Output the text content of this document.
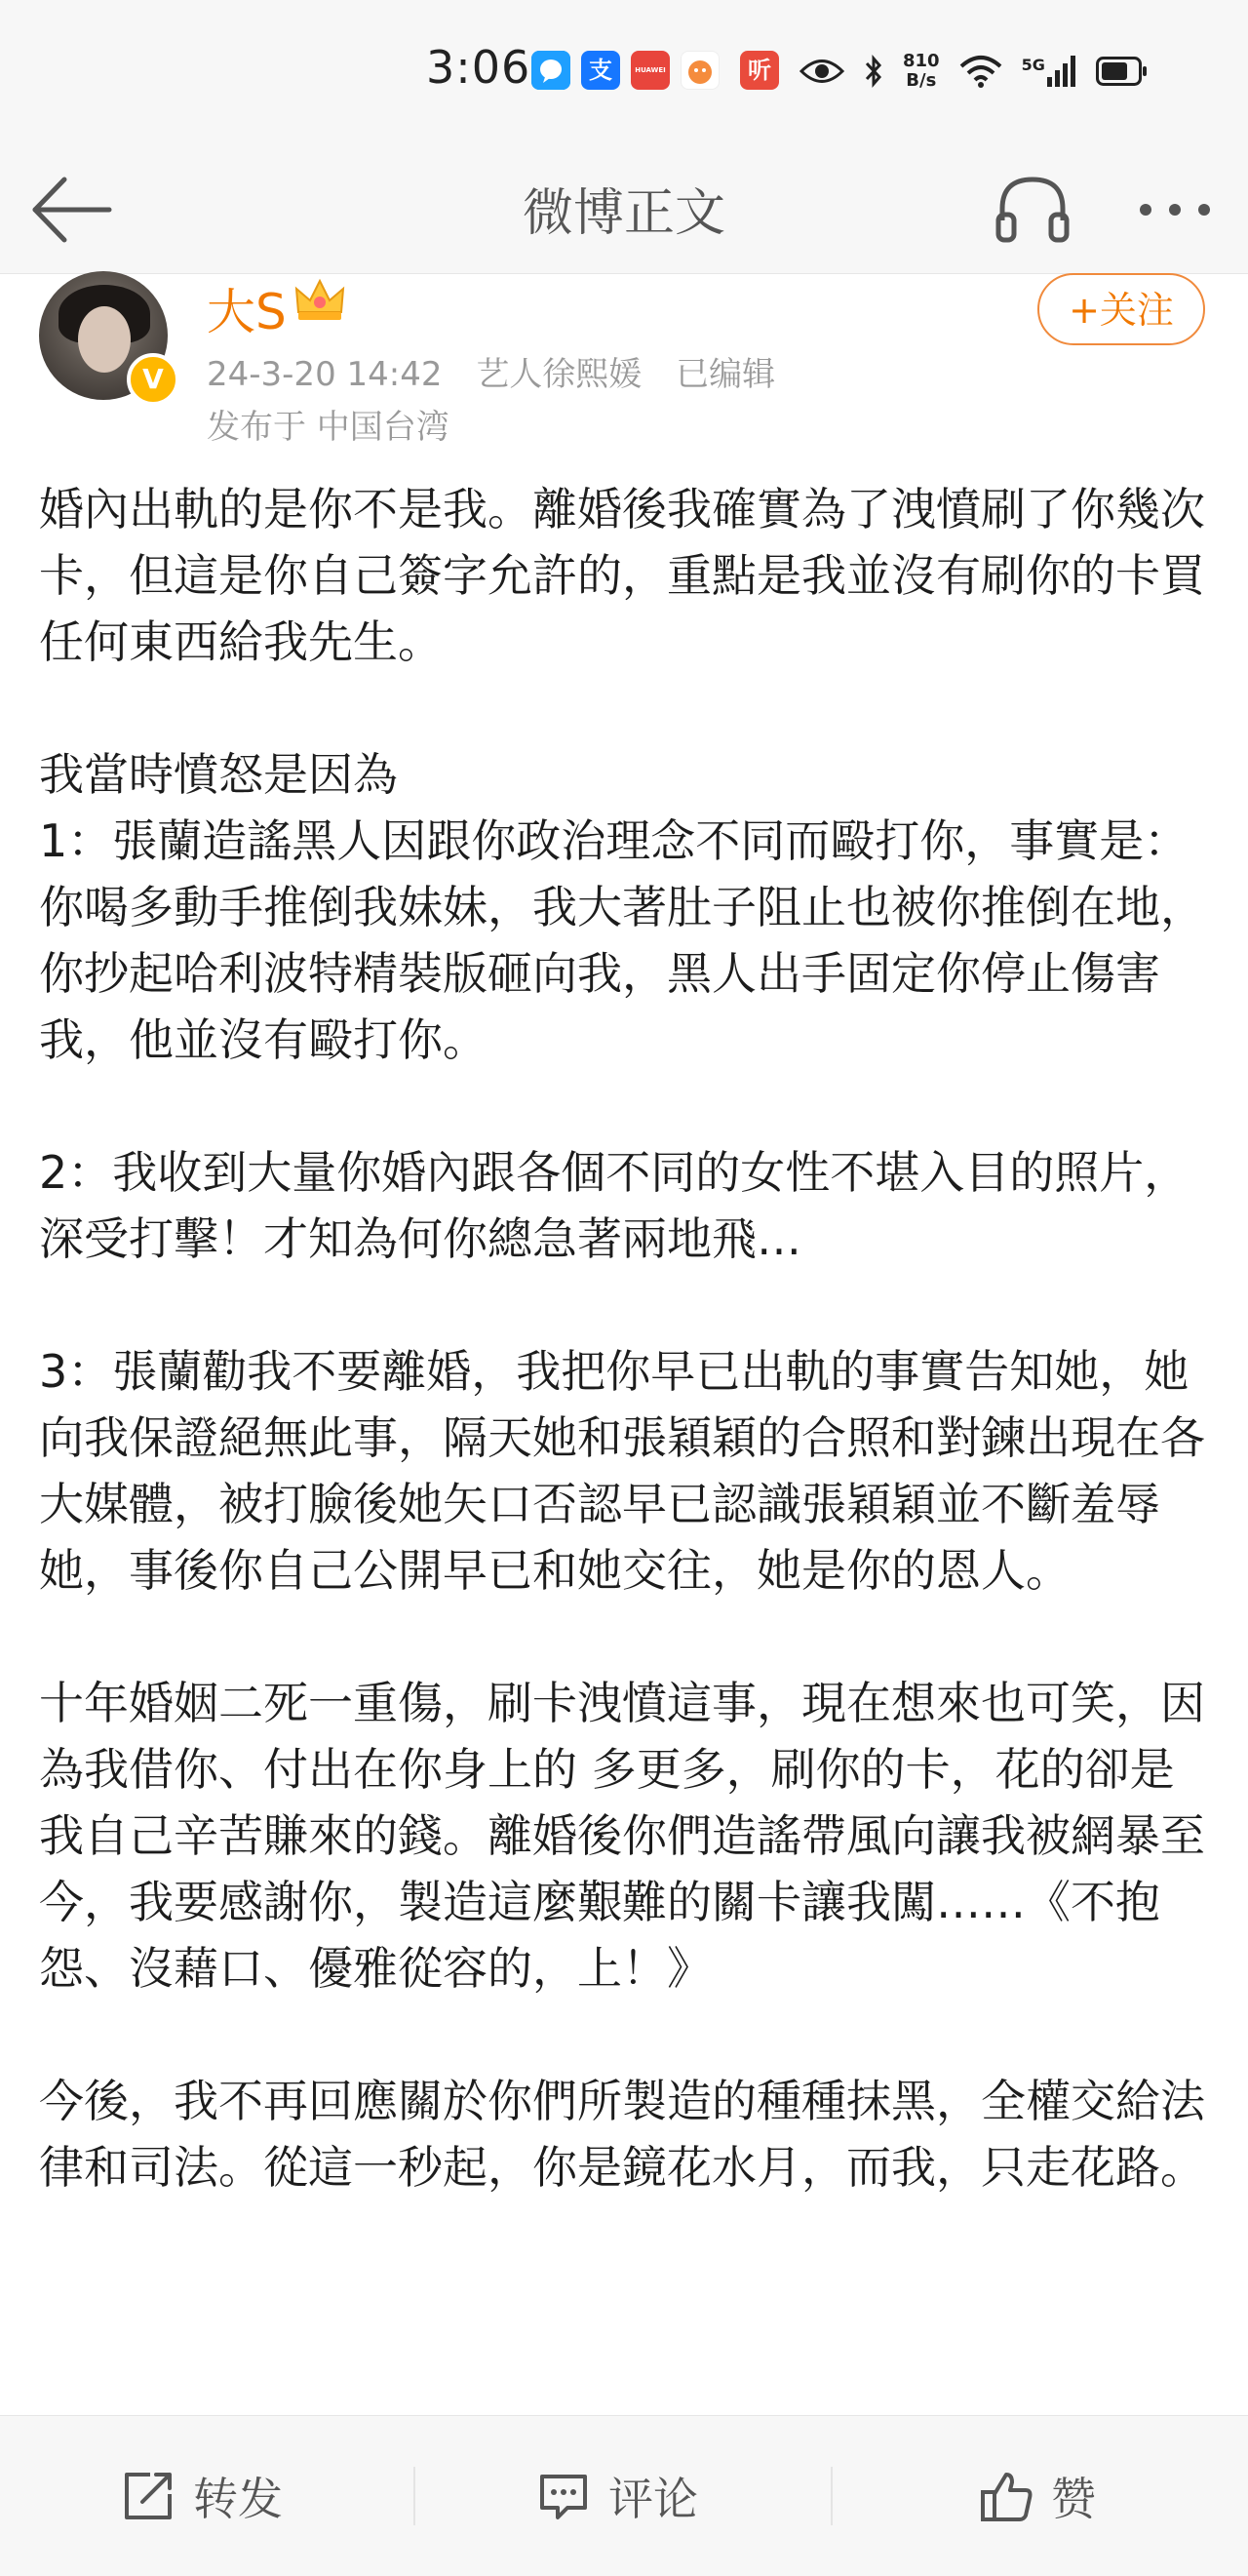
3:06	支	HUAWEI	听	810
B/s
5G
微博正文
V
大S
24-3-20 14:42 艺人徐熙媛 已编辑
发布于 中国台湾
+关注

婚內出軌的是你不是我。離婚後我確實為了洩憤刷了你幾次卡，但這是你自己簽字允許的，重點是我並沒有刷你的卡買任何東西給我先生。

我當時憤怒是因為
1：張蘭造謠黑人因跟你政治理念不同而毆打你，事實是：你喝多動手推倒我妹妹，我大著肚子阻止也被你推倒在地，你抄起哈利波特精裝版砸向我，黑人出手固定你停止傷害我，他並沒有毆打你。

2：我收到大量你婚內跟各個不同的女性不堪入目的照片，深受打擊！才知為何你總急著兩地飛…

3：張蘭勸我不要離婚，我把你早已出軌的事實告知她，她向我保證絕無此事，隔天她和張穎穎的合照和對鍊出現在各大媒體，被打臉後她矢口否認早已認識張穎穎並不斷羞辱她，事後你自己公開早已和她交往，她是你的恩人。

十年婚姻二死一重傷，刷卡洩憤這事，現在想來也可笑，因為我借你、付出在你身上的 多更多，刷你的卡，花的卻是我自己辛苦賺來的錢。離婚後你們造謠帶風向讓我被網暴至今，我要感謝你，製造這麼艱難的關卡讓我闖……《不抱怨、沒藉口、優雅從容的，上！》

今後，我不再回應關於你們所製造的種種抹黑，全權交給法律和司法。從這一秒起，你是鏡花水月，而我，只走花路。

转发	评论	赞
